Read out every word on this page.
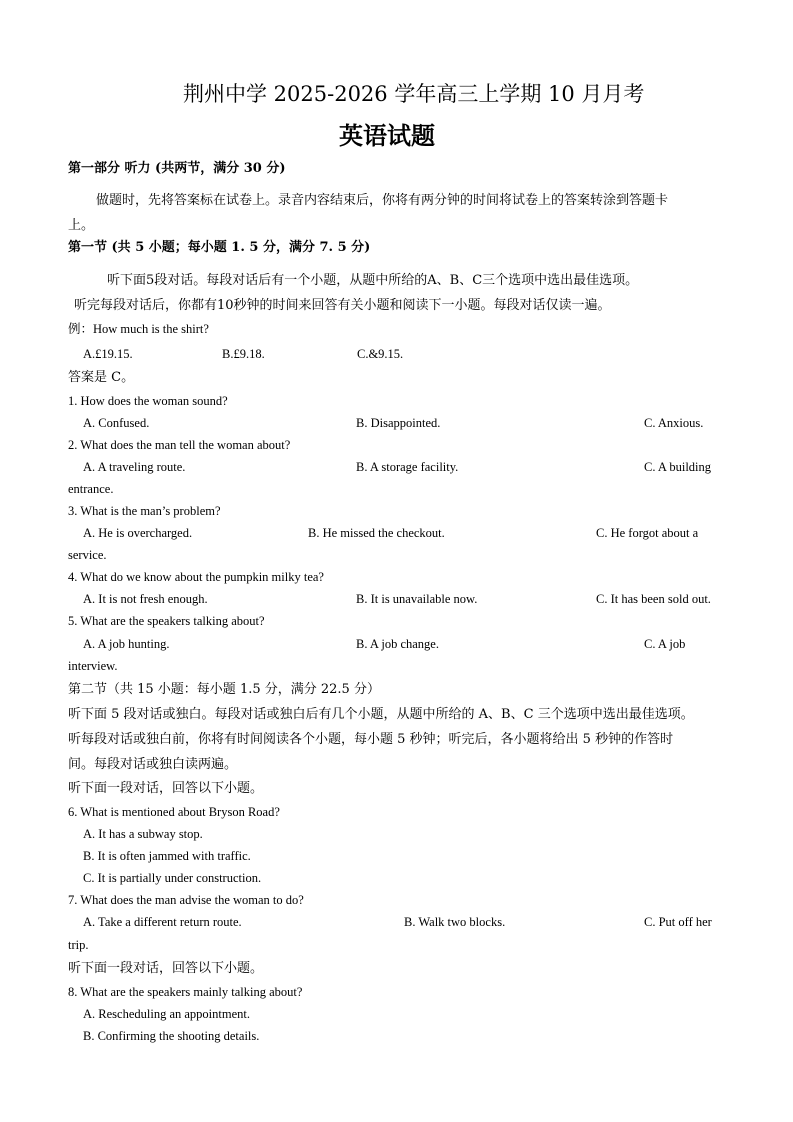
荆州中学 2025-2026 学年高三上学期 10 月月考
英语试题
第一部分 听力 (共两节，满分 30 分)
做题时，先将答案标在试卷上。录音内容结束后，你将有两分钟的时间将试卷上的答案转涂到答题卡
上。
第一节 (共 5 小题；每小题 1. 5 分，满分 7. 5 分)
听下面5段对话。每段对话后有一个小题，从题中所给的A、B、C三个选项中选出最佳选项。
听完每段对话后，你都有10秒钟的时间来回答有关小题和阅读下一小题。每段对话仅读一遍。
例：How much is the shirt?
A.£19.15.	B.£9.18.	C.&9.15.
答案是 C。
1. How does the woman sound?
A. Confused.	B. Disappointed.	C. Anxious.
2. What does the man tell the woman about?
A. A traveling route.	B. A storage facility.	C. A building
entrance.
3. What is the man’s problem?
A. He is overcharged.	B. He missed the checkout.	C. He forgot about a
service.
4. What do we know about the pumpkin milky tea?
A. It is not fresh enough.	B. It is unavailable now.	C. It has been sold out.
5. What are the speakers talking about?
A. A job hunting.	B. A job change.	C. A job
interview.
第二节（共 15 小题：每小题 1.5 分，满分 22.5 分）
听下面 5 段对话或独白。每段对话或独白后有几个小题，从题中所给的 A、B、C 三个选项中选出最佳选项。
听每段对话或独白前，你将有时间阅读各个小题，每小题 5 秒钟；听完后，各小题将给出 5 秒钟的作答时
间。每段对话或独白读两遍。
听下面一段对话，回答以下小题。
6. What is mentioned about Bryson Road?
A. It has a subway stop.
B. It is often jammed with traffic.
C. It is partially under construction.
7. What does the man advise the woman to do?
A. Take a different return route.	B. Walk two blocks.	C. Put off her
trip.
听下面一段对话，回答以下小题。
8. What are the speakers mainly talking about?
A. Rescheduling an appointment.
B. Confirming the shooting details.
